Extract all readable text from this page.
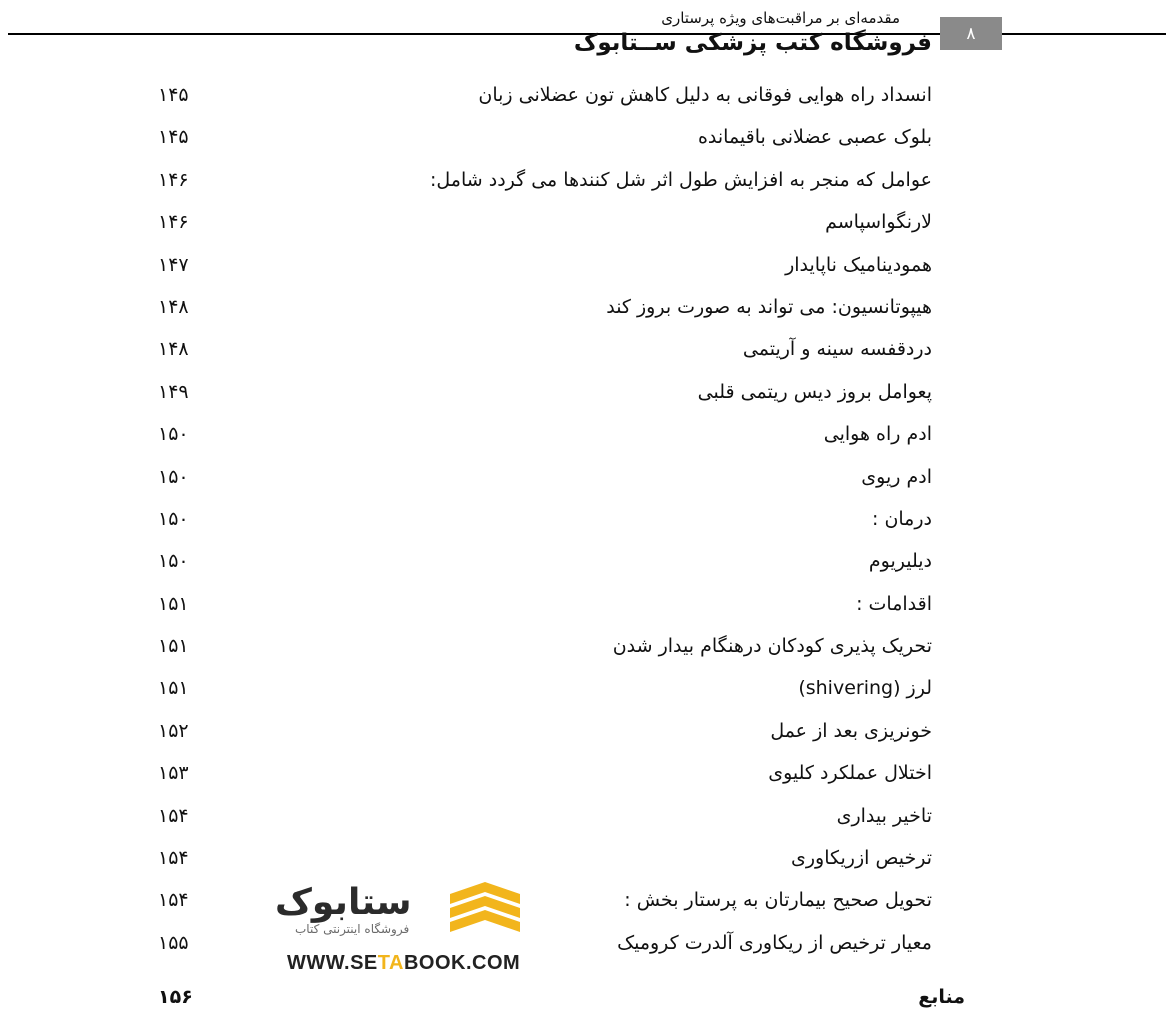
۸
مقدمه‌ای بر مراقبت‌های ویژه پرستاری
فروشگاه کتب پزشکی ســتابوک
انسداد راه هوایی فوقانی به دلیل کاهش تون عضلانی زبان
۱۴۵
بلوک عصبی عضلانی باقیمانده
۱۴۵
عوامل که منجر به افزایش طول اثر شل کنندها می گردد شامل:
۱۴۶
لارنگواسپاسم
۱۴۶
همودینامیک ناپایدار
۱۴۷
هیپوتانسیون: می تواند به صورت بروز کند
۱۴۸
دردقفسه سینه و آریتمی
۱۴۸
پعوامل بروز دیس ریتمی قلبی
۱۴۹
ادم راه هوایی
۱۵۰
ادم ریوی
۱۵۰
درمان :
۱۵۰
دیلیریوم
۱۵۰
اقدامات :
۱۵۱
تحریک پذیری کودکان درهنگام بیدار شدن
۱۵۱
لرز (shivering)
۱۵۱
خونریزی بعد از عمل
۱۵۲
اختلال عملکرد کلیوی
۱۵۳
تاخیر بیداری
۱۵۴
ترخیص ازریکاوری
۱۵۴
تحویل صحیح بیمارتان به پرستار بخش :
۱۵۴
معیار ترخیص از ریکاوری آلدرت کرومیک
۱۵۵
منابع
۱۵۶
ستابوک
فروشگاه اینترنتی کتاب
WWW.SETABOOK.COM
